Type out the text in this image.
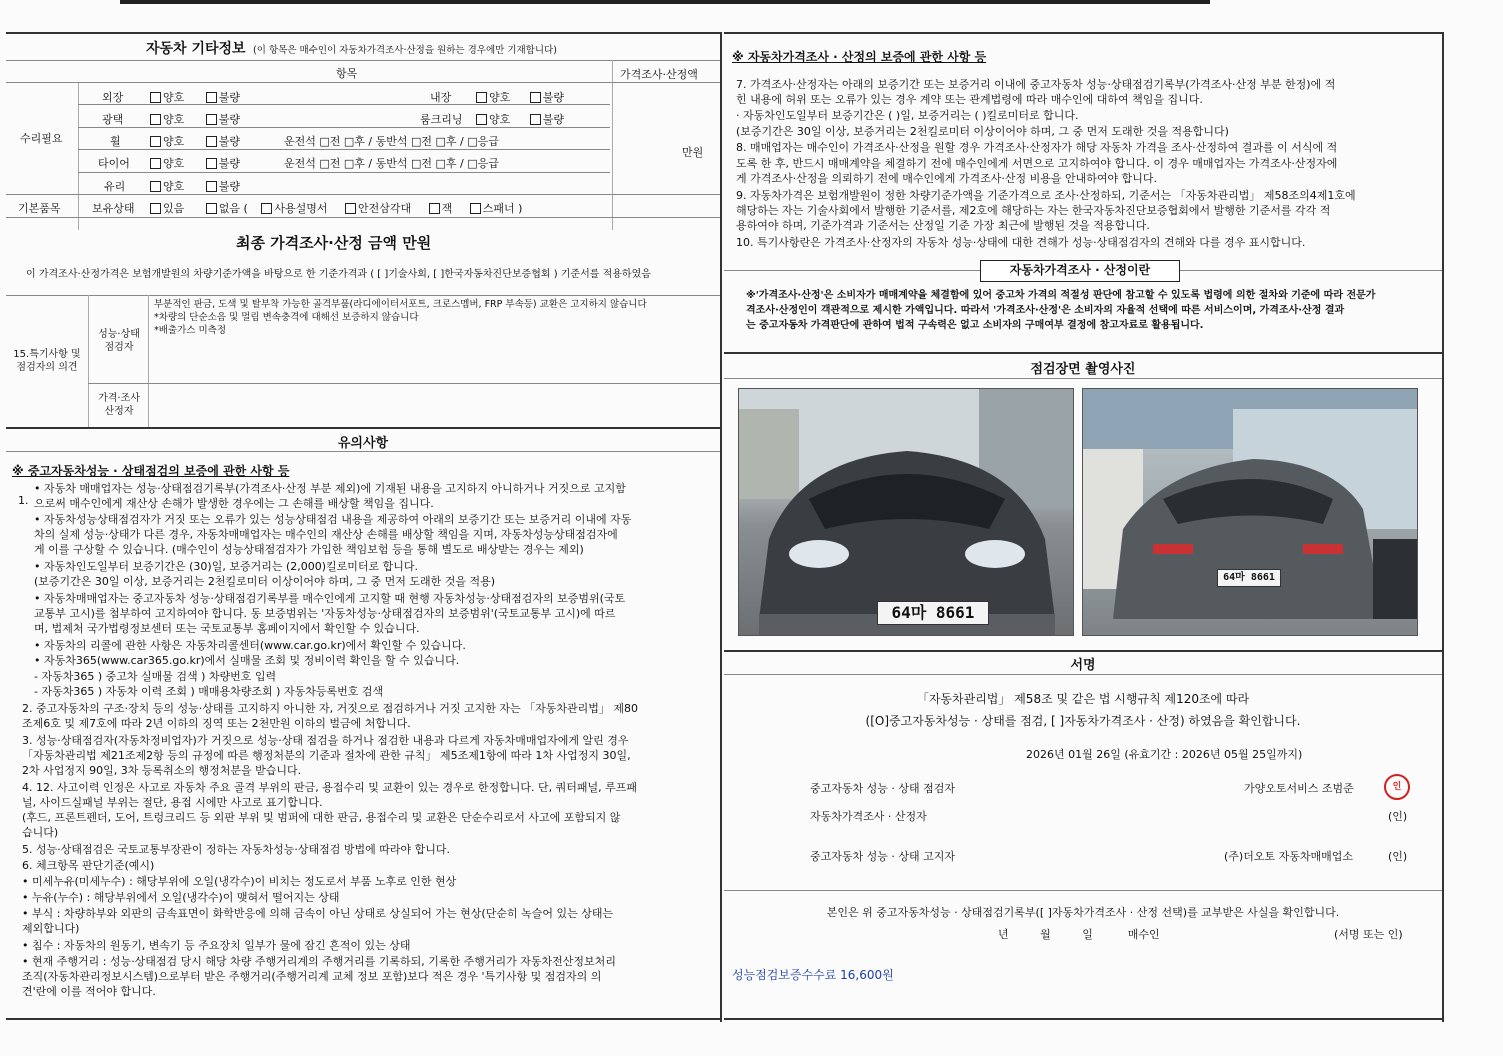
자동차 기타정보 (이 항목은 매수인이 자동차가격조사·산정을 원하는 경우에만 기재합니다)
항목	가격조사·산정액
수리필요
만원
외장	양호	불량	내장	양호	불량
광택	양호	불량	룸크리닝	양호	불량
휠	양호	불량	운전석 □전 □후 / 동반석 □전 □후 / □응급
타이어	양호	불량	운전석 □전 □후 / 동반석 □전 □후 / □응급
유리	양호	불량
기본품목	보유상태	있음	없음 ( 사용설명서	안전삼각대	잭	스패너 )
최종 가격조사·산정 금액 만원
이 가격조사·산정가격은 보험개발원의 차량기준가액을 바탕으로 한 기준가격과 ( [ ]기술사회, [ ]한국자동차진단보증협회 ) 기준서를 적용하였음
15.특기사항 및 점검자의 의견
성능·상태 점검자
부분적인 판금, 도색 및 탈부착 가능한 골격부품(라디에이터서포트, 크로스멤버, FRP 부속등) 교환은 고지하지 않습니다
*차량의 단순소음 및 멀림 변속충격에 대해선 보증하지 않습니다
*배출가스 미측정
가격·조사 산정자
유의사항
※ 중고자동차성능 · 상태점검의 보증에 관한 사항 등
1.
• 자동차 매매업자는 성능·상태점검기록부(가격조사·산정 부분 제외)에 기재된 내용을 고지하지 아니하거나 거짓으로 고지함
으로써 매수인에게 재산상 손해가 발생한 경우에는 그 손해를 배상할 책임을 집니다.
• 자동차성능상태점검자가 거짓 또는 오류가 있는 성능상태점검 내용을 제공하여 아래의 보증기간 또는 보증거리 이내에 자동
차의 실제 성능·상태가 다른 경우, 자동차매매업자는 매수인의 재산상 손해를 배상할 책임을 지며, 자동차성능상태점검자에
게 이를 구상할 수 있습니다. (매수인이 성능상태점검자가 가입한 책임보험 등을 통해 별도로 배상받는 경우는 제외)
• 자동차인도일부터 보증기간은 (30)일, 보증거리는 (2,000)킬로미터로 합니다.
(보증기간은 30일 이상, 보증거리는 2천킬로미터 이상이어야 하며, 그 중 먼저 도래한 것을 적용)
• 자동차매매업자는 중고자동차 성능·상태점검기록부를 매수인에게 고지할 때 현행 자동차성능·상태점검자의 보증범위(국토
교통부 고시)를 첨부하여 고지하여야 합니다. 동 보증범위는 '자동차성능·상태점검자의 보증범위'(국토교통부 고시)에 따르
며, 법제처 국가법령정보센터 또는 국토교통부 홈페이지에서 확인할 수 있습니다.
• 자동차의 리콜에 관한 사항은 자동차리콜센터(www.car.go.kr)에서 확인할 수 있습니다.
• 자동차365(www.car365.go.kr)에서 실매물 조회 및 정비이력 확인을 할 수 있습니다.
- 자동차365 ) 중고차 실매물 검색 ) 차량번호 입력
- 자동차365 ) 자동차 이력 조회 ) 매매용차량조회 ) 자동차등록번호 검색
2. 중고자동차의 구조·장치 등의 성능·상태를 고지하지 아니한 자, 거짓으로 점검하거나 거짓 고지한 자는 「자동차관리법」 제80
조제6호 및 제7호에 따라 2년 이하의 징역 또는 2천만원 이하의 벌금에 처합니다.
3. 성능·상태점검자(자동차정비업자)가 거짓으로 성능·상태 점검을 하거나 점검한 내용과 다르게 자동차매매업자에게 알린 경우
「자동차관리법 제21조제2항 등의 규정에 따른 행정처분의 기준과 절차에 관한 규칙」 제5조제1항에 따라 1차 사업정지 30일,
2차 사업정지 90일, 3차 등록취소의 행정처분을 받습니다.
4. 12. 사고이력 인정은 사고로 자동차 주요 골격 부위의 판금, 용접수리 및 교환이 있는 경우로 한정합니다. 단, 쿼터패널, 루프패
널, 사이드실패널 부위는 절단, 용접 시에만 사고로 표기합니다.
(후드, 프론트펜더, 도어, 트렁크리드 등 외판 부위 및 범퍼에 대한 판금, 용접수리 및 교환은 단순수리로서 사고에 포함되지 않
습니다)
5. 성능·상태점검은 국토교통부장관이 정하는 자동차성능·상태점검 방법에 따라야 합니다.
6. 체크항목 판단기준(예시)
• 미세누유(미세누수) : 해당부위에 오일(냉각수)이 비치는 정도로서 부품 노후로 인한 현상
• 누유(누수) : 해당부위에서 오일(냉각수)이 맺혀서 떨어지는 상태
• 부식 : 차량하부와 외판의 금속표면이 화학반응에 의해 금속이 아닌 상태로 상실되어 가는 현상(단순히 녹슬어 있는 상태는
제외합니다)
• 침수 : 자동차의 원동기, 변속기 등 주요장치 일부가 물에 잠긴 흔적이 있는 상태
• 현재 주행거리 : 성능·상태점검 당시 해당 차량 주행거리계의 주행거리를 기록하되, 기록한 주행거리가 자동차전산정보처리
조직(자동차관리정보시스템)으로부터 받은 주행거리(주행거리계 교체 정보 포함)보다 적은 경우 '특기사항 및 점검자의 의
견'란에 이를 적어야 합니다.
※ 자동차가격조사 · 산정의 보증에 관한 사항 등
7. 가격조사·산정자는 아래의 보증기간 또는 보증거리 이내에 중고자동차 성능·상태점검기록부(가격조사·산정 부분 한정)에 적
힌 내용에 허위 또는 오류가 있는 경우 계약 또는 관계법령에 따라 매수인에 대하여 책임을 집니다.
· 자동차인도일부터 보증기간은 ( )일, 보증거리는 ( )킬로미터로 합니다.
(보증기간은 30일 이상, 보증거리는 2천킬로미터 이상이어야 하며, 그 중 먼저 도래한 것을 적용합니다)
8. 매매업자는 매수인이 가격조사·산정을 원할 경우 가격조사·산정자가 해당 자동차 가격을 조사·산정하여 결과를 이 서식에 적
도록 한 후, 반드시 매매계약을 체결하기 전에 매수인에게 서면으로 고지하여야 합니다. 이 경우 매매업자는 가격조사·산정자에
게 가격조사·산정을 의뢰하기 전에 매수인에게 가격조사·산정 비용을 안내하여야 합니다.
9. 자동차가격은 보험개발원이 정한 차량기준가액을 기준가격으로 조사·산정하되, 기준서는 「자동차관리법」 제58조의4제1호에
해당하는 자는 기술사회에서 발행한 기준서를, 제2호에 해당하는 자는 한국자동차진단보증협회에서 발행한 기준서를 각각 적
용하여야 하며, 기준가격과 기준서는 산정일 기준 가장 최근에 발행된 것을 적용합니다.
10. 특기사항란은 가격조사·산정자의 자동차 성능·상태에 대한 견해가 성능·상태점검자의 견해와 다를 경우 표시합니다.
자동차가격조사 · 산정이란
※'가격조사·산정'은 소비자가 매매계약을 체결함에 있어 중고차 가격의 적절성 판단에 참고할 수 있도록 법령에 의한 절차와 기준에 따라 전문가
격조사·산정인이 객관적으로 제시한 가액입니다. 따라서 '가격조사·산정'은 소비자의 자율적 선택에 따른 서비스이며, 가격조사·산정 결과
는 중고자동차 가격판단에 관하여 법적 구속력은 없고 소비자의 구매여부 결정에 참고자료로 활용됩니다.
점검장면 촬영사진
64마 8661
64마 8661
서명
「자동차관리법」 제58조 및 같은 법 시행규칙 제120조에 따라
([O]중고자동차성능 · 상태를 점검, [ ]자동차가격조사 · 산정) 하였음을 확인합니다.
2026년 01월 26일 (유효기간 : 2026년 05월 25일까지)
중고자동차 성능 · 상태 점검자	가양오토서비스 조범준	인
자동차가격조사 · 산정자	(인)
중고자동차 성능 · 상태 고지자	(주)더오토 자동차매매업소	(인)
본인은 위 중고자동차성능 · 상태점검기록부([ ]자동차가격조사 · 산정 선택)를 교부받은 사실을 확인합니다.
년         월         일          매수인	(서명 또는 인)
성능점검보증수수료 16,600원
